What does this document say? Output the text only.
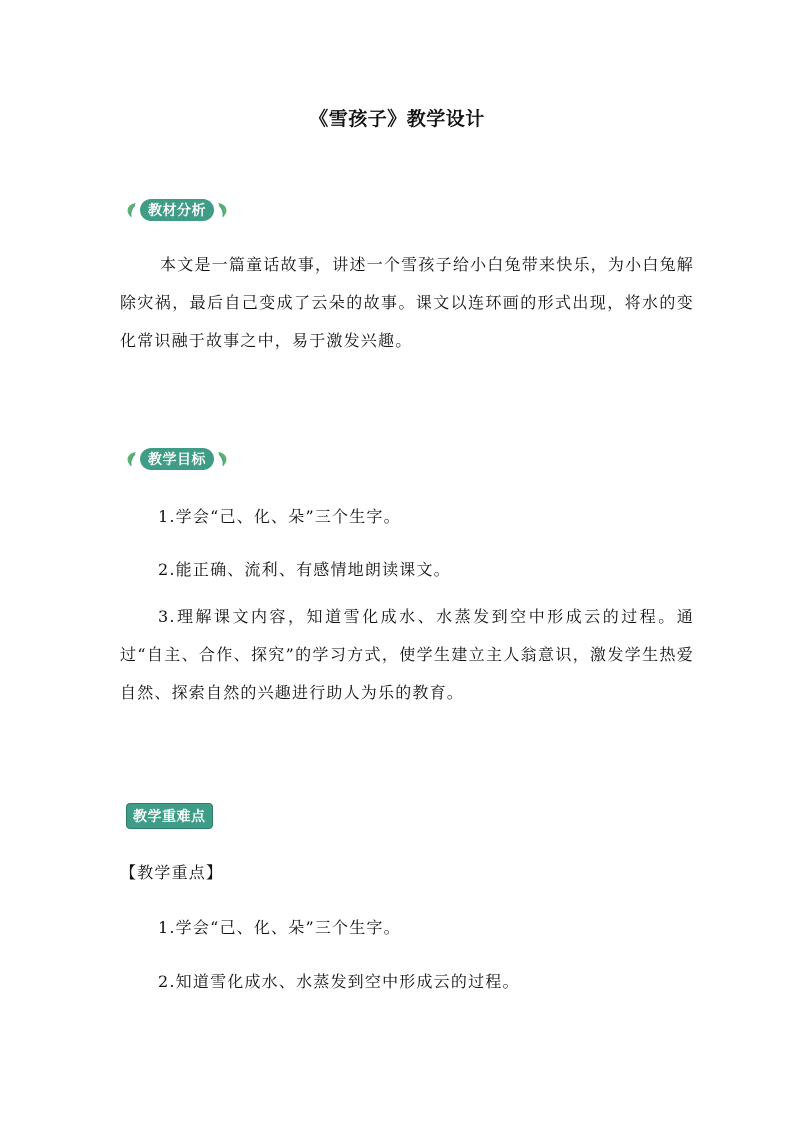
《雪孩子》教学设计
教材分析
本文是一篇童话故事，讲述一个雪孩子给小白兔带来快乐，为小白兔解除灾祸，最后自己变成了云朵的故事。课文以连环画的形式出现，将水的变化常识融于故事之中，易于激发兴趣。
教学目标
1.学会“己、化、朵”三个生字。
2.能正确、流利、有感情地朗读课文。
3.理解课文内容，知道雪化成水、水蒸发到空中形成云的过程。通过“自主、合作、探究”的学习方式，使学生建立主人翁意识，激发学生热爱自然、探索自然的兴趣进行助人为乐的教育。
教学重难点
【教学重点】
1.学会“己、化、朵”三个生字。
2.知道雪化成水、水蒸发到空中形成云的过程。
